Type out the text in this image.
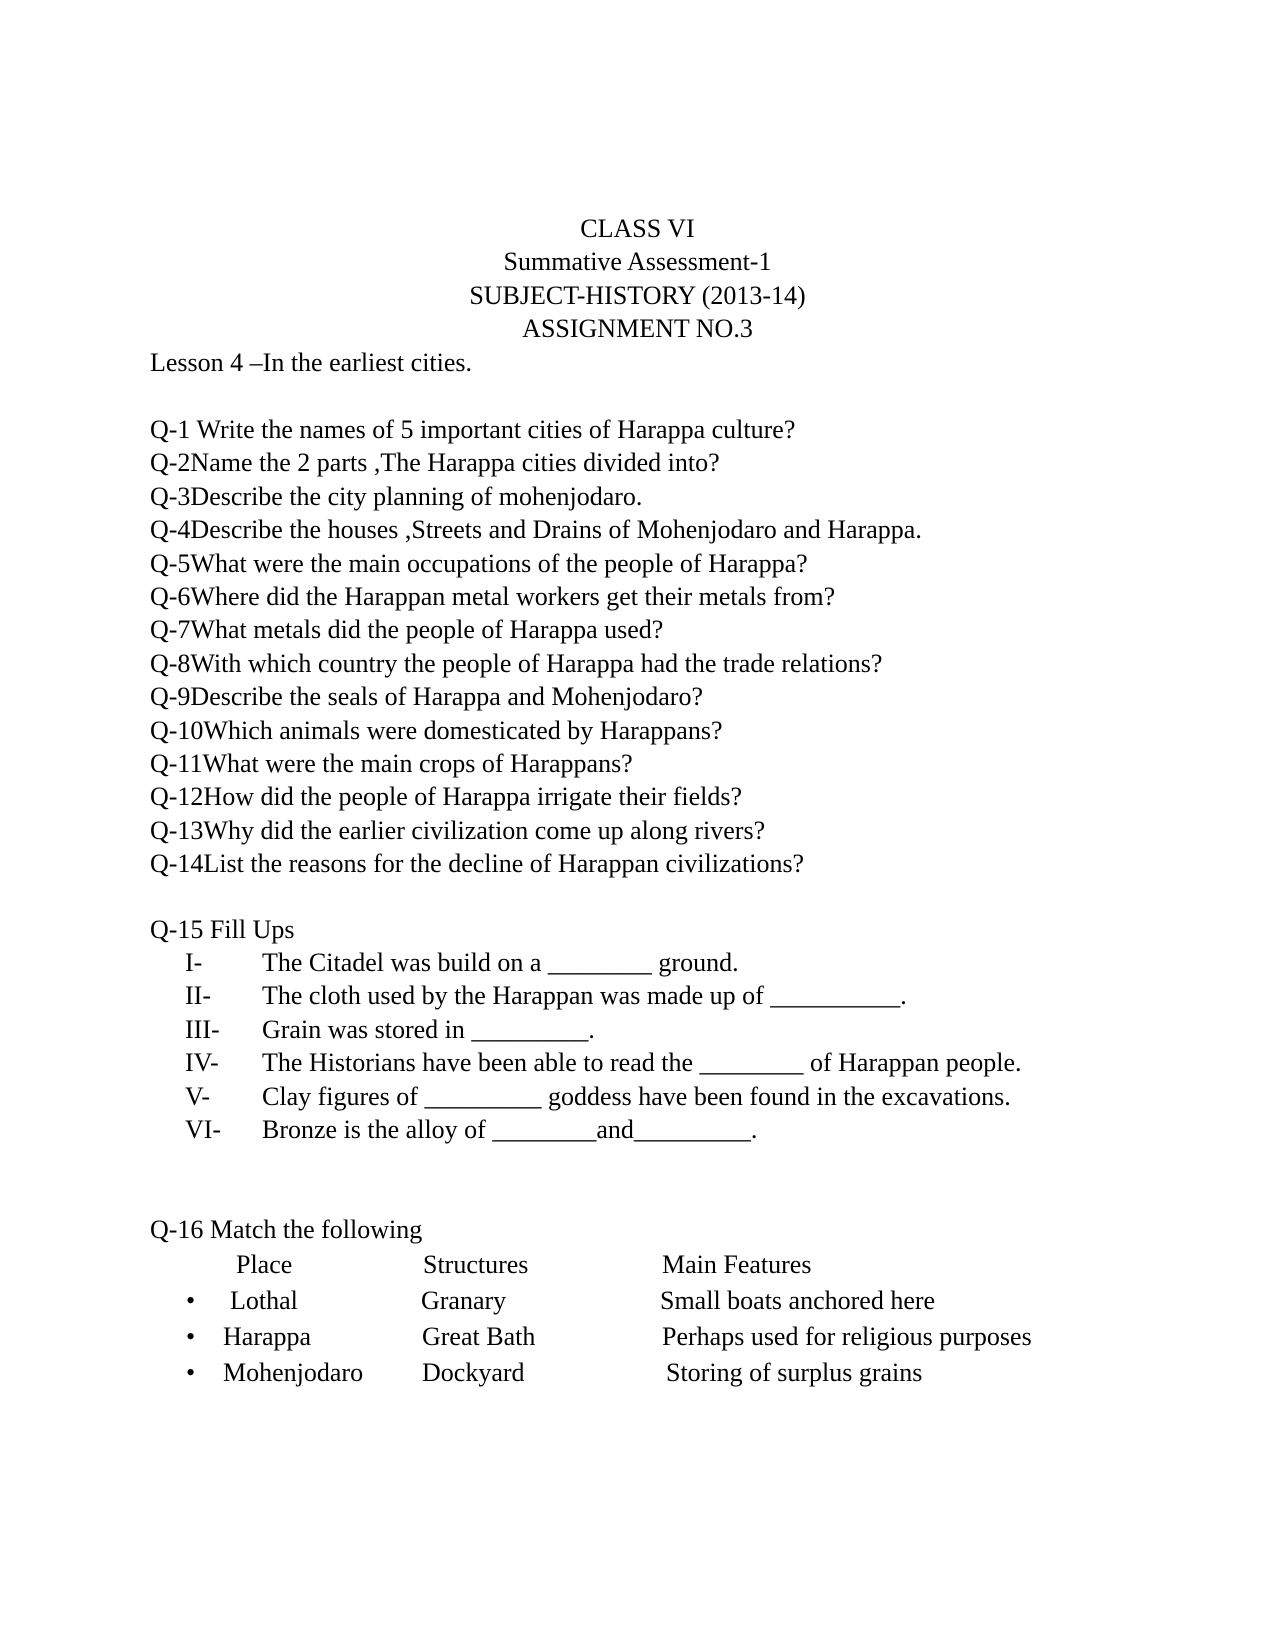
CLASS VI
Summative Assessment-1
SUBJECT-HISTORY (2013-14)
ASSIGNMENT NO.3
Lesson 4 –In the earliest cities.
Q-1 Write the names of 5 important cities of Harappa culture?
Q-2Name the 2 parts ,The Harappa cities divided into?
Q-3Describe the city planning of mohenjodaro.
Q-4Describe the houses ,Streets and Drains of Mohenjodaro and Harappa.
Q-5What were the main occupations of the people of Harappa?
Q-6Where did the Harappan metal workers get their metals from?
Q-7What metals did the people of Harappa used?
Q-8With which country the people of Harappa had the trade relations?
Q-9Describe the seals of Harappa and Mohenjodaro?
Q-10Which animals were domesticated by Harappans?
Q-11What were the main crops of Harappans?
Q-12How did the people of Harappa irrigate their fields?
Q-13Why did the earlier civilization come up along rivers?
Q-14List the reasons for the decline of Harappan civilizations?
Q-15 Fill Ups
I-	The Citadel was build on a ________ ground.
II-	The cloth used by the Harappan was made up of __________.
III-	Grain was stored in _________.
IV-	The Historians have been able to read the ________ of Harappan people.
V-	Clay figures of _________ goddess have been found in the excavations.
VI-	Bronze is the alloy of ________and_________.
Q-16 Match the following
Place	Structures	Main Features
• Lothal	Granary	Small boats anchored here
• Harappa	Great Bath	Perhaps used for religious purposes
• Mohenjodaro Dockyard	Storing of surplus grains
